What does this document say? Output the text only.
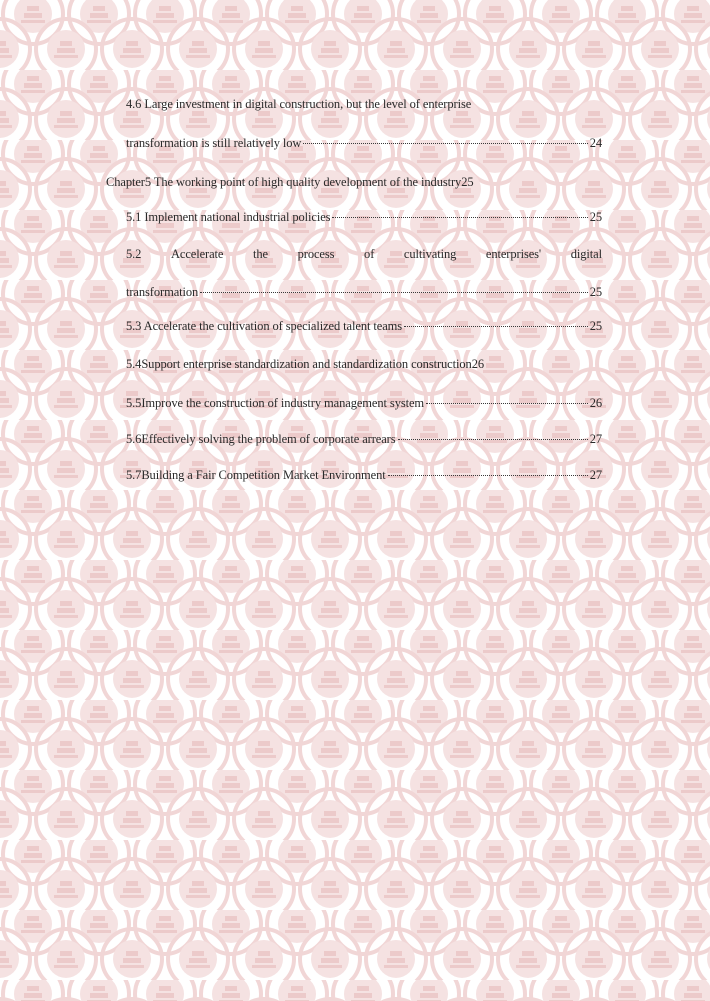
4.6 Large investment in digital construction, but the level of enterprise
transformation is still relatively low	24
Chapter5 The working point of high quality development of the industry 25
5.1 Implement national industrial policies	25
5.2 Accelerate the process of cultivating enterprises' digital
transformation	25
5.3 Accelerate the cultivation of specialized talent teams	25
5.4Support enterprise standardization and standardization construction 26
5.5Improve the construction of industry management system	26
5.6Effectively solving the problem of corporate arrears	27
5.7Building a Fair Competition Market Environment	27
